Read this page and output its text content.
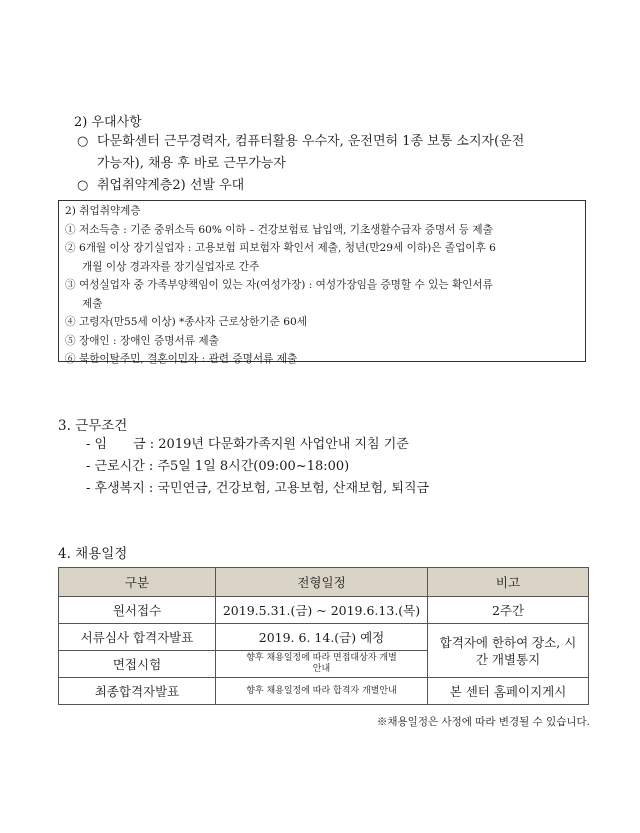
2) 우대사항
○ 다문화센터 근무경력자, 컴퓨터활용 우수자, 운전면허 1종 보통 소지자(운전
가능자), 채용 후 바로 근무가능자
○ 취업취약계층2) 선발 우대
2) 취업취약계층
① 저소득층 : 기준 중위소득 60% 이하 – 건강보험료 납입액, 기초생활수급자 증명서 등 제출
② 6개월 이상 장기실업자 : 고용보험 피보험자 확인서 제출, 청년(만29세 이하)은 졸업이후 6
개월 이상 경과자를 장기실업자로 간주
③ 여성실업자 중 가족부양책임이 있는 자(여성가장) : 여성가장임을 증명할 수 있는 확인서류
제출
④ 고령자(만55세 이상) *종사자 근로상한기준 60세
⑤ 장애인 : 장애인 증명서류 제출
⑥ 북한이탈주민, 결혼이민자 : 관련 증명서류 제출
3. 근무조건
- 임　　금 : 2019년 다문화가족지원 사업안내 지침 기준
- 근로시간 : 주5일 1일 8시간(09:00~18:00)
- 후생복지 : 국민연금, 건강보험, 고용보험, 산재보험, 퇴직금
4. 채용일정
구분	전형일정	비고
원서접수	2019.5.31.(금) ~ 2019.6.13.(목)	2주간
서류심사 합격자발표	2019. 6. 14.(금) 예정	합격자에 한하여 장소, 시간 개별통지
면접시험	향후 채용일정에 따라 면접대상자 개별안내	
최종합격자발표	향후 채용일정에 따라 합격자 개별안내	본 센터 홈페이지게시
※채용일정은 사정에 따라 변경될 수 있습니다.
